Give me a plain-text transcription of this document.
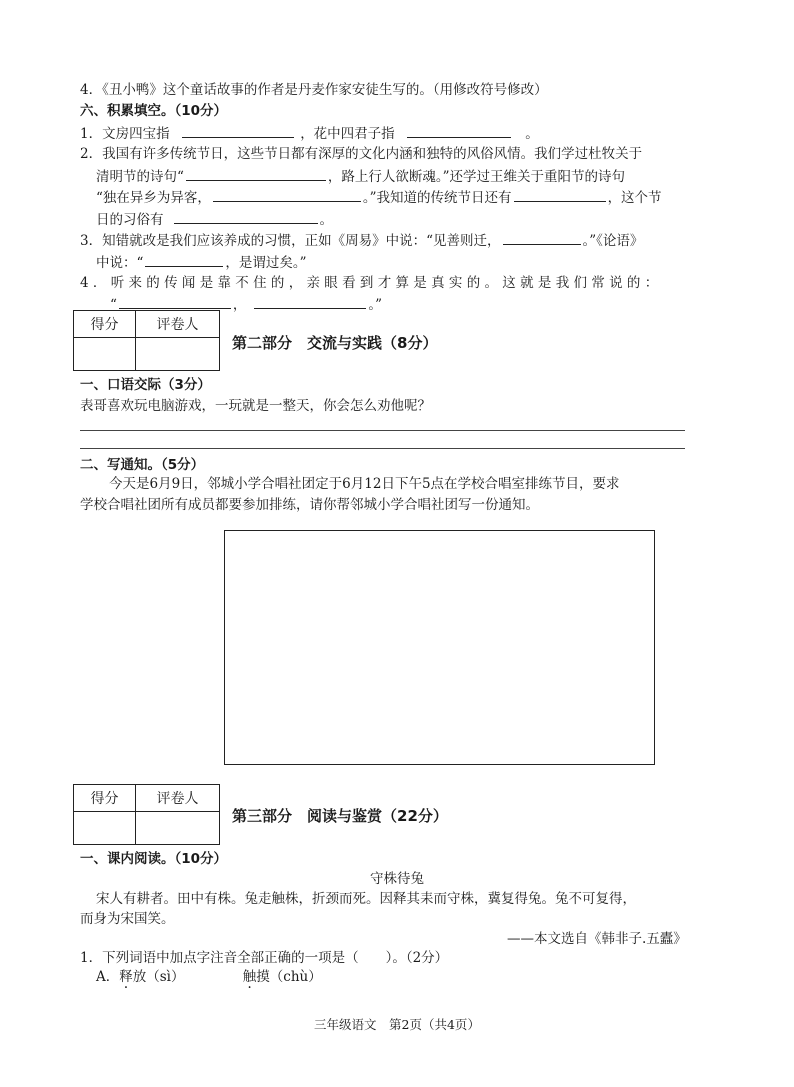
4．《丑小鸭》这个童话故事的作者是丹麦作家安徒生写的。（用修改符号修改）
六、积累填空。（10分）
1．文房四宝指	，花中四君子指	。
2．我国有许多传统节日，这些节日都有深厚的文化内涵和独特的风俗风情。我们学过杜牧关于
清明节的诗句“	，路上行人欲断魂。”还学过王维关于重阳节的诗句
“独在异乡为异客，	。”我知道的传统节日还有	，这个节
日的习俗有	。
3．知错就改是我们应该养成的习惯，正如《周易》中说：“见善则迁，	。”《论语》
中说：“	，是谓过矣。”
4．听来的传闻是靠不住的，亲眼看到才算是真实的。这就是我们常说的：
“	，	。”
得分	评卷人

第二部分　交流与实践（8分）
一、口语交际（3分）
表哥喜欢玩电脑游戏，一玩就是一整天，你会怎么劝他呢？
二、写通知。（5分）
今天是6月9日，邻城小学合唱社团定于6月12日下午5点在学校合唱室排练节目，要求
学校合唱社团所有成员都要参加排练，请你帮邻城小学合唱社团写一份通知。
得分	评卷人

第三部分　阅读与鉴赏（22分）
一、课内阅读。（10分）
守株待兔
宋人有耕者。田中有株。兔走触株，折颈而死。因释其耒而守株，冀复得兔。兔不可复得，
而身为宋国笑。
——本文选自《韩非子.五蠹》
1．下列词语中加点字注音全部正确的一项是（　　）。（2分）
A．释放（sì）	触摸（chù）
三年级语文　第2页（共4页）
